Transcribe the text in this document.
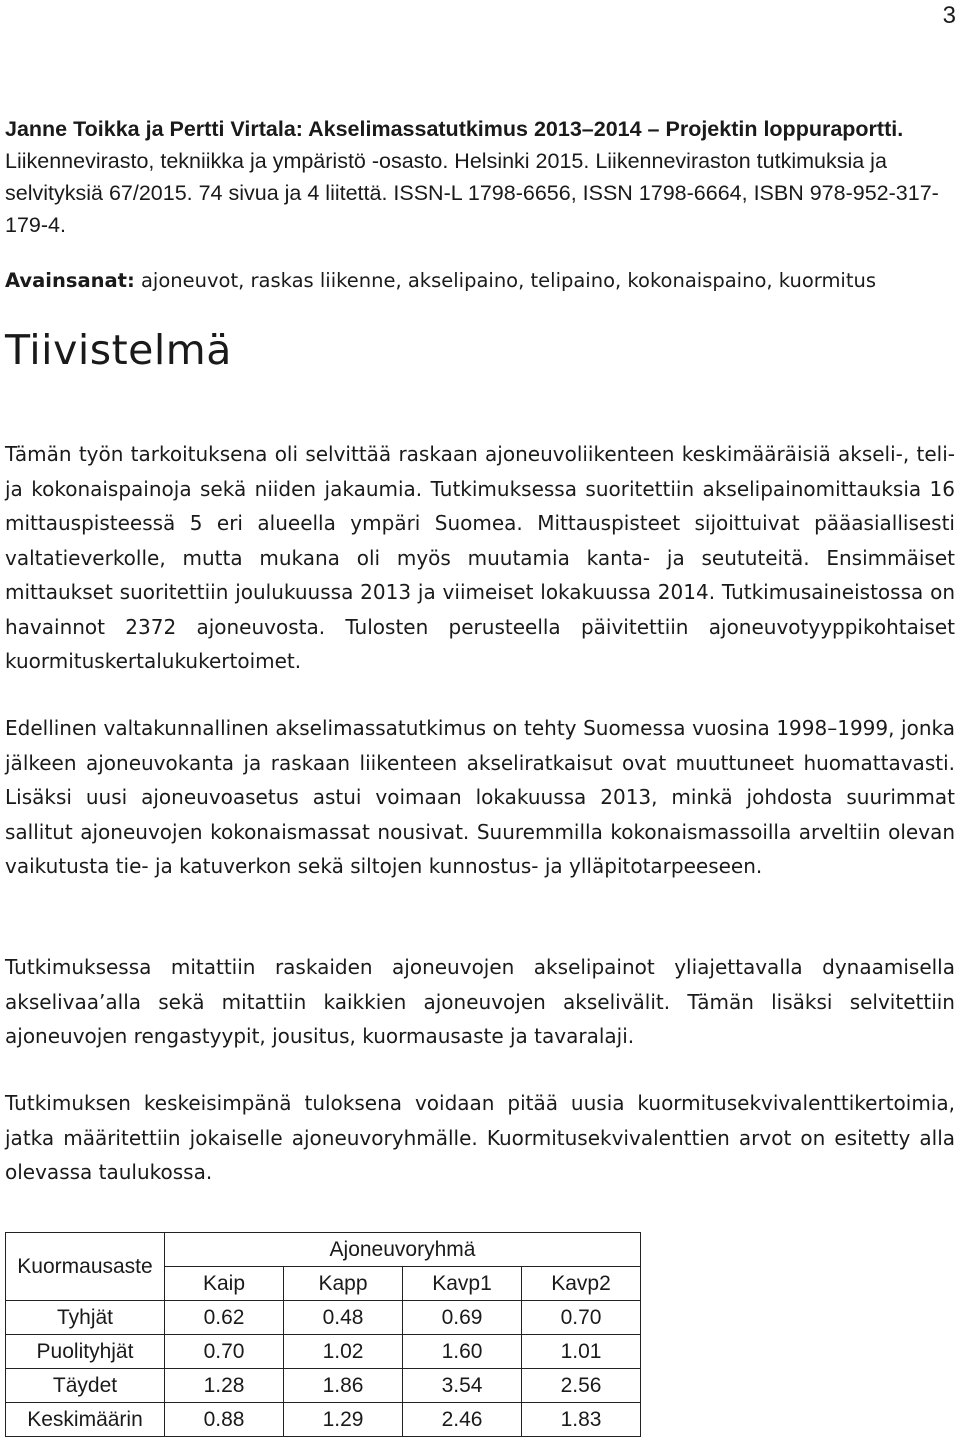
3
Janne Toikka ja Pertti Virtala: Akselimassatutkimus 2013–2014 – Projektin loppuraportti. Liikennevirasto, tekniikka ja ympäristö -osasto. Helsinki 2015. Liikenneviraston tutkimuksia ja selvityksiä 67/2015. 74 sivua ja 4 liitettä. ISSN-L 1798-6656, ISSN 1798-6664, ISBN 978-952-317-179-4.
Avainsanat: ajoneuvot, raskas liikenne, akselipaino, telipaino, kokonaispaino, kuormitus
Tiivistelmä

Tämän työn tarkoituksena oli selvittää raskaan ajoneuvoliikenteen keskimääräisiä akseli-, teli- ja kokonaispainoja sekä niiden jakaumia. Tutkimuksessa suoritettiin akselipainomittauksia 16 mittauspisteessä 5 eri alueella ympäri Suomea. Mittauspisteet sijoittuivat pääasiallisesti valtatieverkolle, mutta mukana oli myös muutamia kanta- ja seututeitä. Ensimmäiset mittaukset suoritettiin joulukuussa 2013 ja viimeiset lokakuussa 2014. Tutkimusaineistossa on havainnot 2372 ajoneuvosta. Tulosten perusteella päivitettiin ajoneuvotyyppikohtaiset kuormituskertalukukertoimet.

Edellinen valtakunnallinen akselimassatutkimus on tehty Suomessa vuosina 1998–1999, jonka jälkeen ajoneuvokanta ja raskaan liikenteen akseliratkaisut ovat muuttuneet huomattavasti. Lisäksi uusi ajoneuvoasetus astui voimaan lokakuussa 2013, minkä johdosta suurimmat sallitut ajoneuvojen kokonaismassat nousivat. Suuremmilla kokonaismassoilla arveltiin olevan vaikutusta tie- ja katuverkon sekä siltojen kunnostus- ja ylläpitotarpeeseen.

Tutkimuksessa mitattiin raskaiden ajoneuvojen akselipainot yliajettavalla dynaamisella akselivaa’alla sekä mitattiin kaikkien ajoneuvojen akselivälit. Tämän lisäksi selvitettiin ajoneuvojen rengastyypit, jousitus, kuormausaste ja tavaralaji.

Tutkimuksen keskeisimpänä tuloksena voidaan pitää uusia kuormitusekvivalenttikertoimia, jatka määritettiin jokaiselle ajoneuvoryhmälle. Kuormitusekvivalenttien arvot on esitetty alla olevassa taulukossa.

Kuormausaste	Ajoneuvoryhmä			
	Kaip	Kapp	Kavp1	Kavp2
Tyhjät	0.62	0.48	0.69	0.70
Puolityhjät	0.70	1.02	1.60	1.01
Täydet	1.28	1.86	3.54	2.56
Keskimäärin	0.88	1.29	2.46	1.83
